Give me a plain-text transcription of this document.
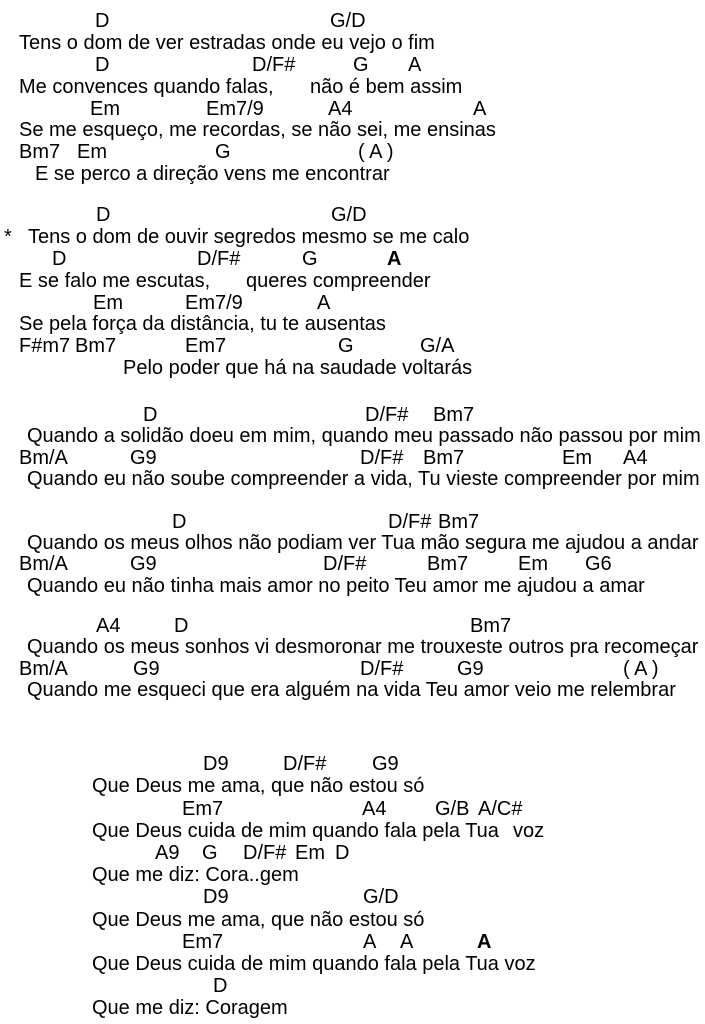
D	G/D
Tens o dom de ver estradas onde eu vejo o fim
D	D/F#	G A
Me convences quando falas, não é bem assim
Em	Em7/9	A4	A
Se me esqueço, me recordas, se não sei, me ensinas
Bm7 Em	G	( A )
E se perco a direção vens me encontrar
D	G/D
* Tens o dom de ouvir segredos mesmo se me calo
D	D/F#	G	A
E se falo me escutas, queres compreender
Em	Em7/9	A
Se pela força da distância, tu te ausentas
F#m7 Bm7	Em7	G	G/A
Pelo poder que há na saudade voltarás
D	D/F# Bm7
Quando a solidão doeu em mim, quando meu passado não passou por mim
Bm/A	G9	D/F# Bm7	Em A4
Quando eu não soube compreender a vida, Tu vieste compreender por mim
D	D/F# Bm7
Quando os meus olhos não podiam ver Tua mão segura me ajudou a andar
Bm/A	G9	D/F#	Bm7 Em G6
Quando eu não tinha mais amor no peito Teu amor me ajudou a amar
A4	D	Bm7
Quando os meus sonhos vi desmoronar me trouxeste outros pra recomeçar
Bm/A	G9	D/F#	G9	( A )
Quando me esqueci que era alguém na vida Teu amor veio me relembrar
D9	D/F# G9
Que Deus me ama, que não estou só
Em7	A4 G/B A/C#
Que Deus cuida de mim quando fala pela Tua voz
A9 G D/F# Em D
Que me diz: Cora..gem
D9	G/D
Que Deus me ama, que não estou só
Em7	A A	A
Que Deus cuida de mim quando fala pela Tua voz
D
Que me diz: Coragem
